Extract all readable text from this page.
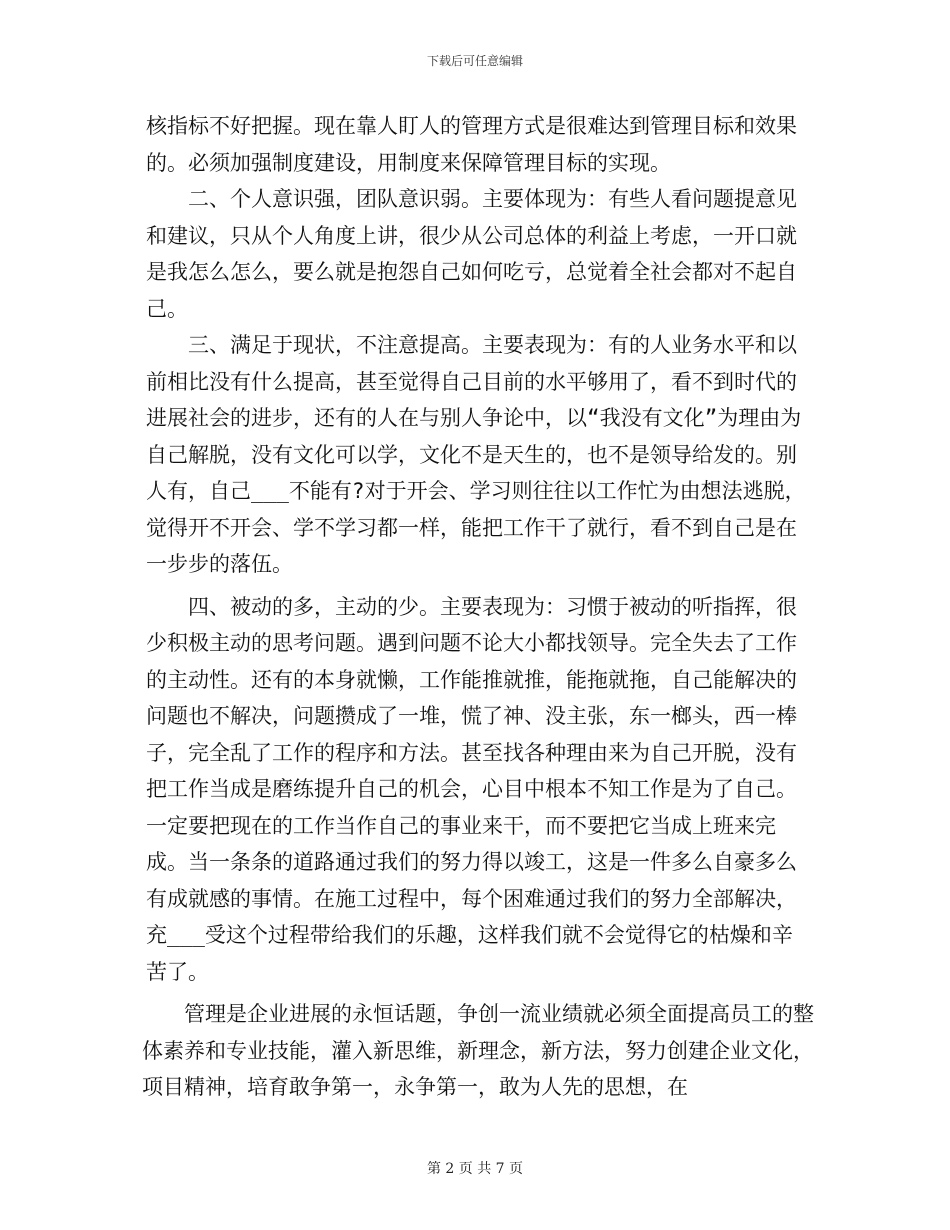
下载后可任意编辑

核指标不好把握。现在靠人盯人的管理方式是很难达到管理目标和效果的。必须加强制度建设，用制度来保障管理目标的实现。

二、个人意识强，团队意识弱。主要体现为：有些人看问题提意见和建议，只从个人角度上讲，很少从公司总体的利益上考虑，一开口就是我怎么怎么，要么就是抱怨自己如何吃亏，总觉着全社会都对不起自己。

三、满足于现状，不注意提高。主要表现为：有的人业务水平和以前相比没有什么提高，甚至觉得自己目前的水平够用了，看不到时代的进展社会的进步，还有的人在与别人争论中，以“我没有文化”为理由为自己解脱，没有文化可以学，文化不是天生的，也不是领导给发的。别人有，自己___不能有?对于开会、学习则往往以工作忙为由想法逃脱，觉得开不开会、学不学习都一样，能把工作干了就行，看不到自己是在一步步的落伍。

四、被动的多，主动的少。主要表现为：习惯于被动的听指挥，很少积极主动的思考问题。遇到问题不论大小都找领导。完全失去了工作的主动性。还有的本身就懒，工作能推就推，能拖就拖，自己能解决的问题也不解决，问题攒成了一堆，慌了神、没主张，东一榔头，西一棒子，完全乱了工作的程序和方法。甚至找各种理由来为自己开脱，没有把工作当成是磨练提升自己的机会，心目中根本不知工作是为了自己。一定要把现在的工作当作自己的事业来干，而不要把它当成上班来完成。当一条条的道路通过我们的努力得以竣工，这是一件多么自豪多么有成就感的事情。在施工过程中，每个困难通过我们的努力全部解决，充___受这个过程带给我们的乐趣，这样我们就不会觉得它的枯燥和辛苦了。

管理是企业进展的永恒话题，争创一流业绩就必须全面提高员工的整体素养和专业技能，灌入新思维，新理念，新方法，努力创建企业文化，项目精神，培育敢争第一，永争第一，敢为人先的思想，在

第 2 页 共 7 页
